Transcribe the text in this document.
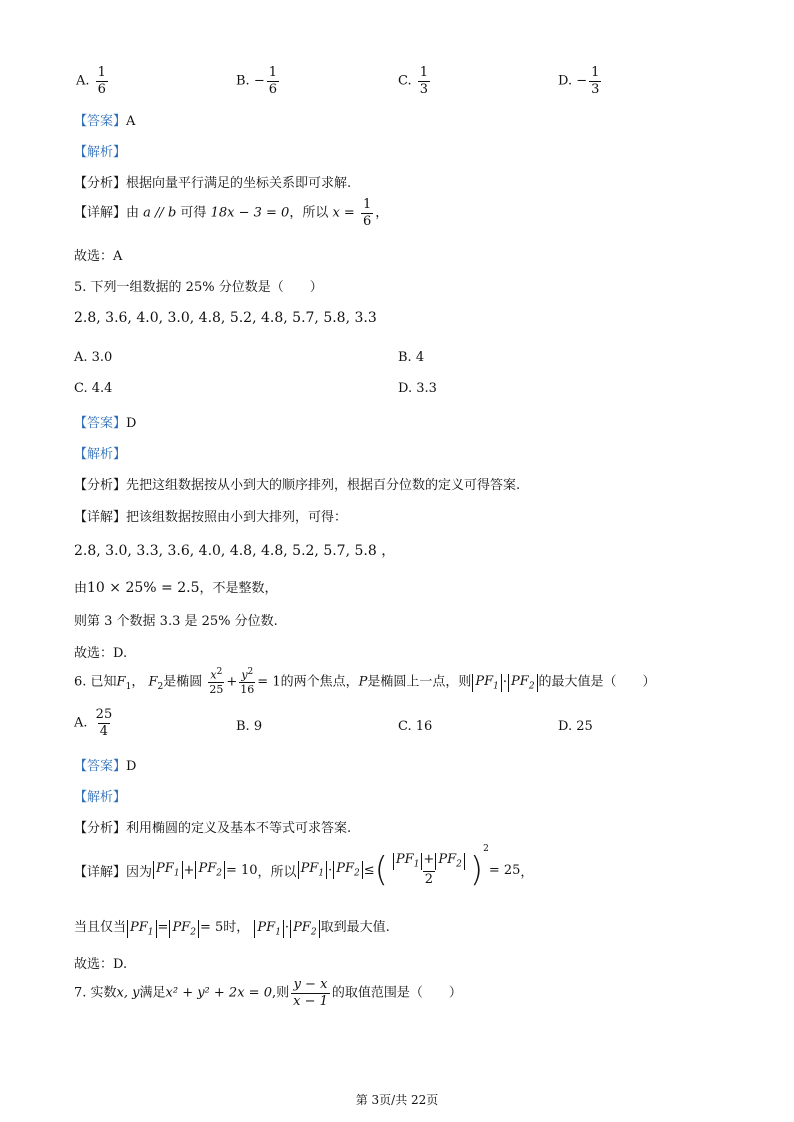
A. $\frac{1}{6}$	B. − $\frac{1}{6}$	C. $\frac{1}{3}$	D. − $\frac{1}{3}$
【答案】A
【解析】
【分析】根据向量平行满足的坐标关系即可求解.
【详解】由 a // b 可得 18x − 3 = 0，所以 $x = \frac{1}{6}$ ，
故选：A
5. 下列一组数据的 25% 分位数是（　　）
2.8, 3.6, 4.0, 3.0, 4.8, 5.2, 4.8, 5.7, 5.8, 3.3
A. 3.0	B. 4
C. 4.4	D. 3.3
【答案】D
【解析】
【分析】先把这组数据按从小到大的顺序排列，根据百分位数的定义可得答案.
【详解】把该组数据按照由小到大排列，可得：
2.8, 3.0, 3.3, 3.6, 4.0, 4.8, 4.8, 5.2, 5.7, 5.8 ，
由10 × 25% = 2.5，不是整数，
则第 3 个数据 3.3 是 25% 分位数.
故选：D.
6. 已知$F_1$， $F_2$是椭圆 $\frac{x^2}{25} + \frac{y^2}{16} = 1$的两个焦点，P是椭圆上一点，则 $PF_1 \cdot PF_2$ 的最大值是（　　）
A. $\frac{25}{4}$	B. 9	C. 16	D. 25
【答案】D
【解析】
【分析】利用椭圆的定义及基本不等式可求答案.
【详解】 因为 $PF_1 + PF_2 = 10$ ，所以 $PF_1 \cdot PF_2$ ≤ ( $\frac{PF_1 + PF_2}{2}$ )
$^2$
= 25 ，
当且仅当 $PF_1 = PF_2 = 5$时， $PF_1 \cdot PF_2$ 取到最大值.
故选：D.
7. 实数x, y满足x² + y² + 2x = 0,则 $\frac{y - x}{x - 1}$ 的取值范围是（　　）
第 3页/共 22页
